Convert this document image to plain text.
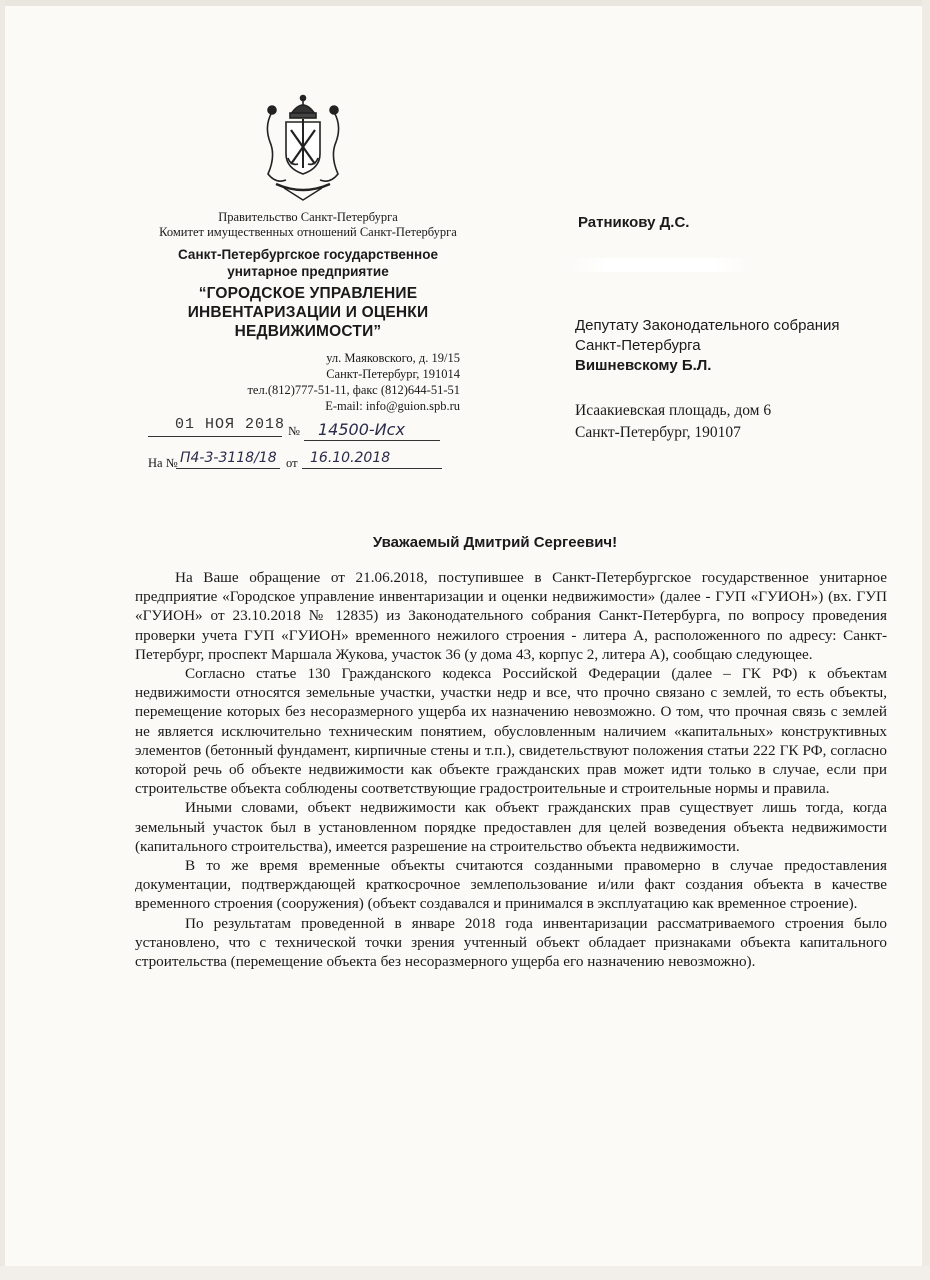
Правительство Санкт-Петербурга
Комитет имущественных отношений Санкт-Петербурга
Санкт-Петербургское государственное
унитарное предприятие
“ГОРОДСКОЕ УПРАВЛЕНИЕ
ИНВЕНТАРИЗАЦИИ И ОЦЕНКИ
НЕДВИЖИМОСТИ”
ул. Маяковского, д. 19/15
Санкт-Петербург, 191014
тел.(812)777-51-11, факс (812)644-51-51
E-mail: info@guion.spb.ru
01 НОЯ 2018 № 14500-Исх
На № П4-3-3118/18 от 16.10.2018
Ратникову Д.С.
Депутату Законодательного собрания
Санкт-Петербурга
Вишневскому Б.Л.
Исаакиевская площадь, дом 6
Санкт-Петербург, 190107
Уважаемый Дмитрий Сергеевич!

На Ваше обращение от 21.06.2018, поступившее в Санкт-Петербургское государственное унитарное предприятие «Городское управление инвентаризации и оценки недвижимости» (далее - ГУП «ГУИОН») (вх. ГУП «ГУИОН» от 23.10.2018 № 12835) из Законодательного собрания Санкт-Петербурга, по вопросу проведения проверки учета ГУП «ГУИОН» временного нежилого строения - литера А, расположенного по адресу: Санкт-Петербург, проспект Маршала Жукова, участок 36 (у дома 43, корпус 2, литера А), сообщаю следующее.

Согласно статье 130 Гражданского кодекса Российской Федерации (далее – ГК РФ) к объектам недвижимости относятся земельные участки, участки недр и все, что прочно связано с землей, то есть объекты, перемещение которых без несоразмерного ущерба их назначению невозможно. О том, что прочная связь с землей не является исключительно техническим понятием, обусловленным наличием «капитальных» конструктивных элементов (бетонный фундамент, кирпичные стены и т.п.), свидетельствуют положения статьи 222 ГК РФ, согласно которой речь об объекте недвижимости как объекте гражданских прав может идти только в случае, если при строительстве объекта соблюдены соответствующие градостроительные и строительные нормы и правила.

Иными словами, объект недвижимости как объект гражданских прав существует лишь тогда, когда земельный участок был в установленном порядке предоставлен для целей возведения объекта недвижимости (капитального строительства), имеется разрешение на строительство объекта недвижимости.

В то же время временные объекты считаются созданными правомерно в случае предоставления документации, подтверждающей краткосрочное землепользование и/или факт создания объекта в качестве временного строения (сооружения) (объект создавался и принимался в эксплуатацию как временное строение).

По результатам проведенной в январе 2018 года инвентаризации рассматриваемого строения было установлено, что с технической точки зрения учтенный объект обладает признаками объекта капитального строительства (перемещение объекта без несоразмерного ущерба его назначению невозможно).
